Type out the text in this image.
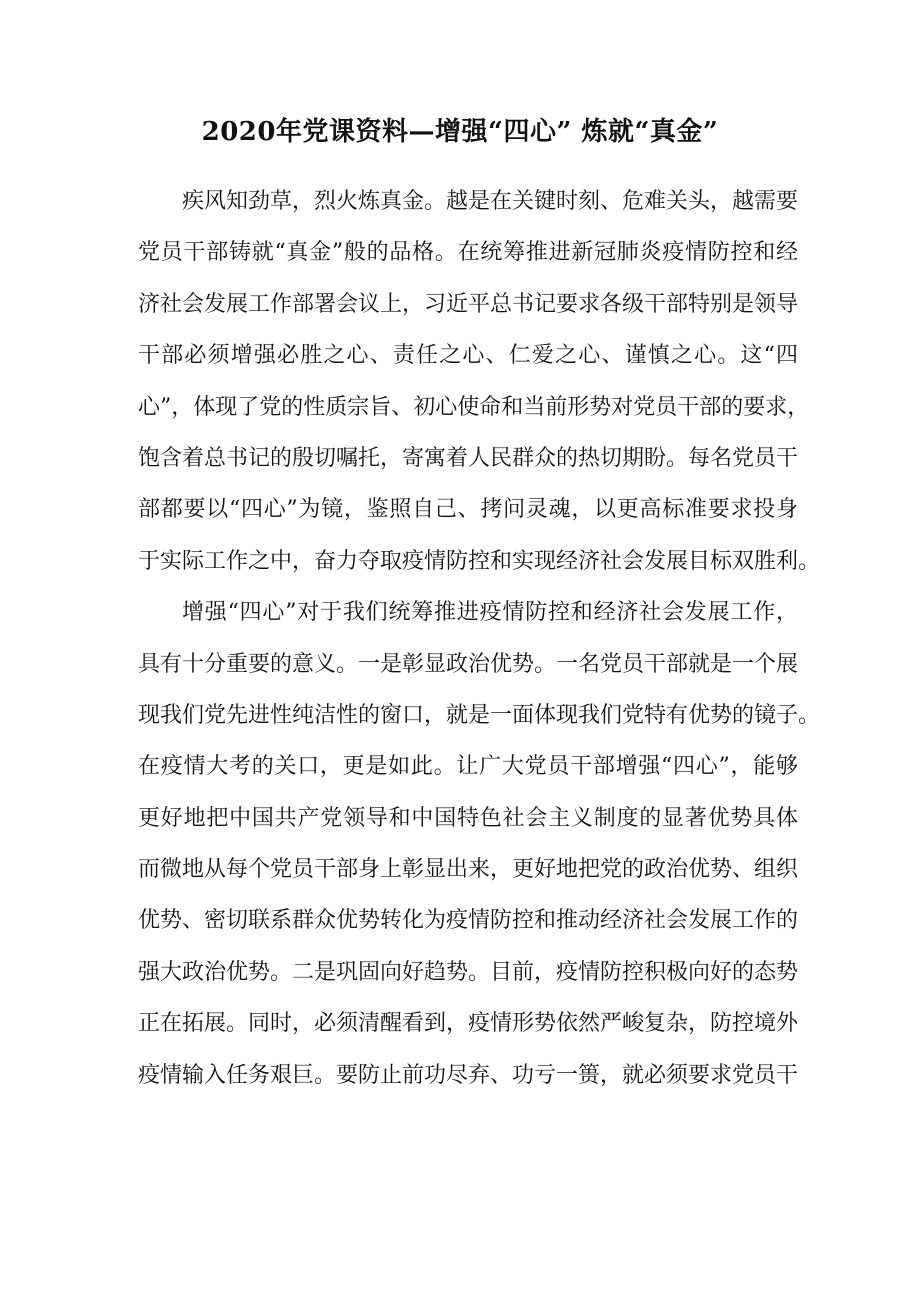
2020年党课资料—增强“四心” 炼就“真金”
疾风知劲草，烈火炼真金。越是在关键时刻、危难关头，越需要
党员干部铸就“真金”般的品格。在统筹推进新冠肺炎疫情防控和经
济社会发展工作部署会议上，习近平总书记要求各级干部特别是领导
干部必须增强必胜之心、责任之心、仁爱之心、谨慎之心。这“四
心”，体现了党的性质宗旨、初心使命和当前形势对党员干部的要求，
饱含着总书记的殷切嘱托，寄寓着人民群众的热切期盼。每名党员干
部都要以“四心”为镜，鉴照自己、拷问灵魂，以更高标准要求投身
于实际工作之中，奋力夺取疫情防控和实现经济社会发展目标双胜利。
增强“四心”对于我们统筹推进疫情防控和经济社会发展工作，
具有十分重要的意义。一是彰显政治优势。一名党员干部就是一个展
现我们党先进性纯洁性的窗口，就是一面体现我们党特有优势的镜子。
在疫情大考的关口，更是如此。让广大党员干部增强“四心”，能够
更好地把中国共产党领导和中国特色社会主义制度的显著优势具体
而微地从每个党员干部身上彰显出来，更好地把党的政治优势、组织
优势、密切联系群众优势转化为疫情防控和推动经济社会发展工作的
强大政治优势。二是巩固向好趋势。目前，疫情防控积极向好的态势
正在拓展。同时，必须清醒看到，疫情形势依然严峻复杂，防控境外
疫情输入任务艰巨。要防止前功尽弃、功亏一篑，就必须要求党员干
